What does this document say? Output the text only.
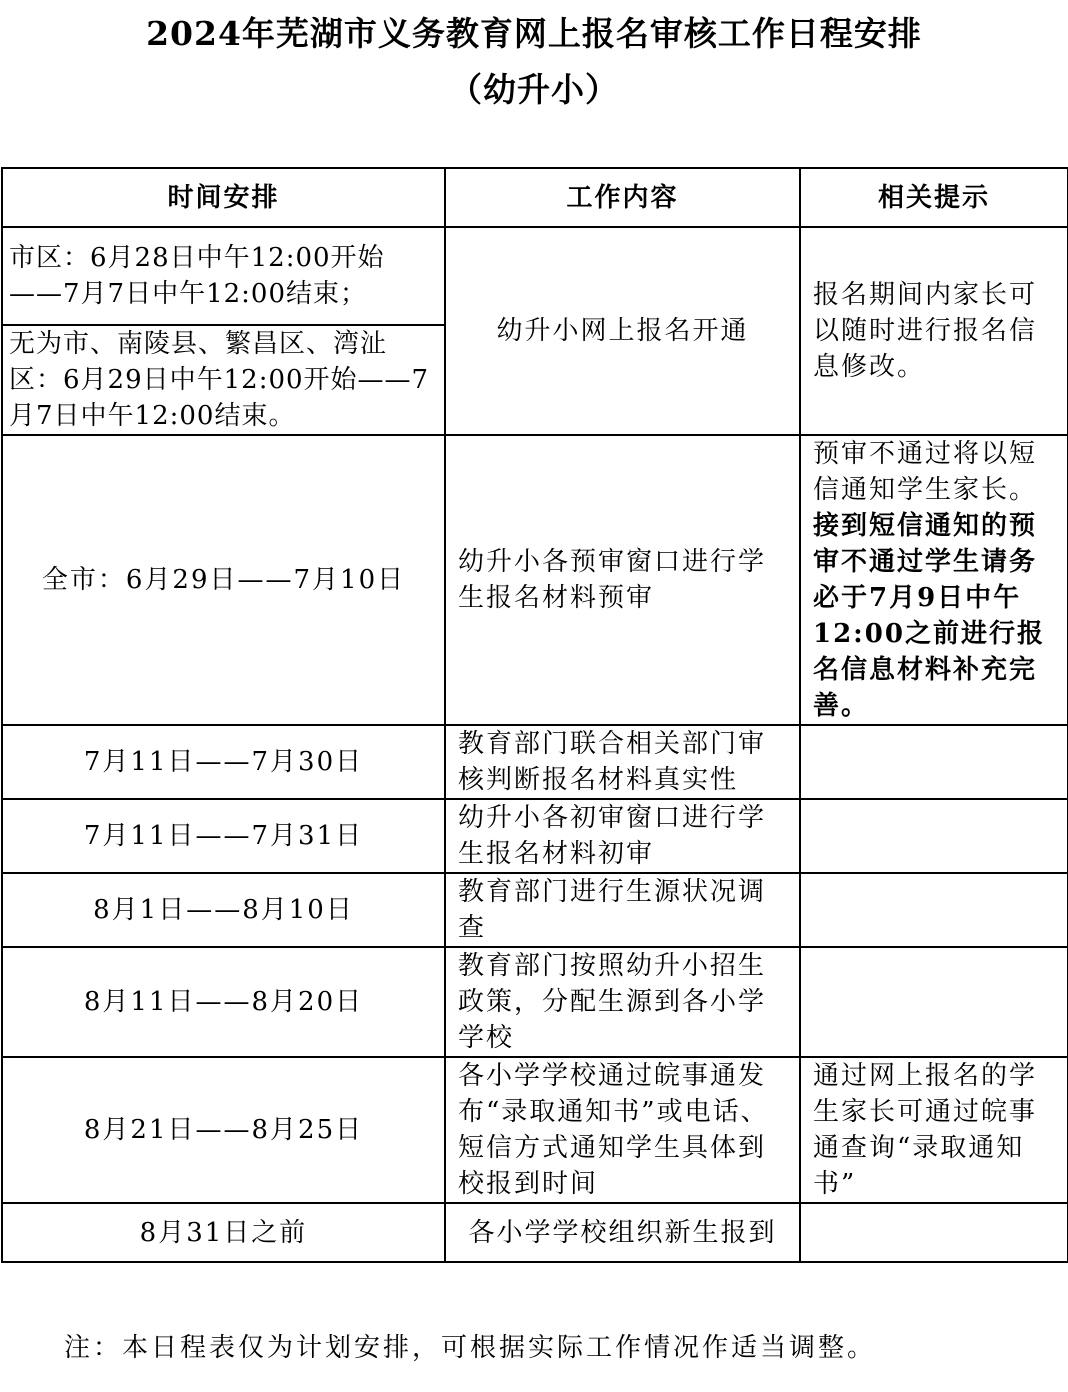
2024年芜湖市义务教育网上报名审核工作日程安排
（幼升小）
时间安排	工作内容	相关提示
市区：6月28日中午12:00开始——7月7日中午12:00结束；	幼升小网上报名开通	报名期间内家长可以随时进行报名信息修改。
无为市、南陵县、繁昌区、湾沚区：6月29日中午12:00开始——7月7日中午12:00结束。		
全市：6月29日——7月10日	幼升小各预审窗口进行学生报名材料预审	预审不通过将以短信通知学生家长。接到短信通知的预审不通过学生请务必于7月9日中午12:00之前进行报名信息材料补充完善。
7月11日——7月30日	教育部门联合相关部门审核判断报名材料真实性	
7月11日——7月31日	幼升小各初审窗口进行学生报名材料初审	
8月1日——8月10日	教育部门进行生源状况调查	
8月11日——8月20日	教育部门按照幼升小招生政策，分配生源到各小学学校	
8月21日——8月25日	各小学学校通过皖事通发布“录取通知书”或电话、短信方式通知学生具体到校报到时间	通过网上报名的学生家长可通过皖事通查询“录取通知书”
8月31日之前	各小学学校组织新生报到	
注：本日程表仅为计划安排，可根据实际工作情况作适当调整。
